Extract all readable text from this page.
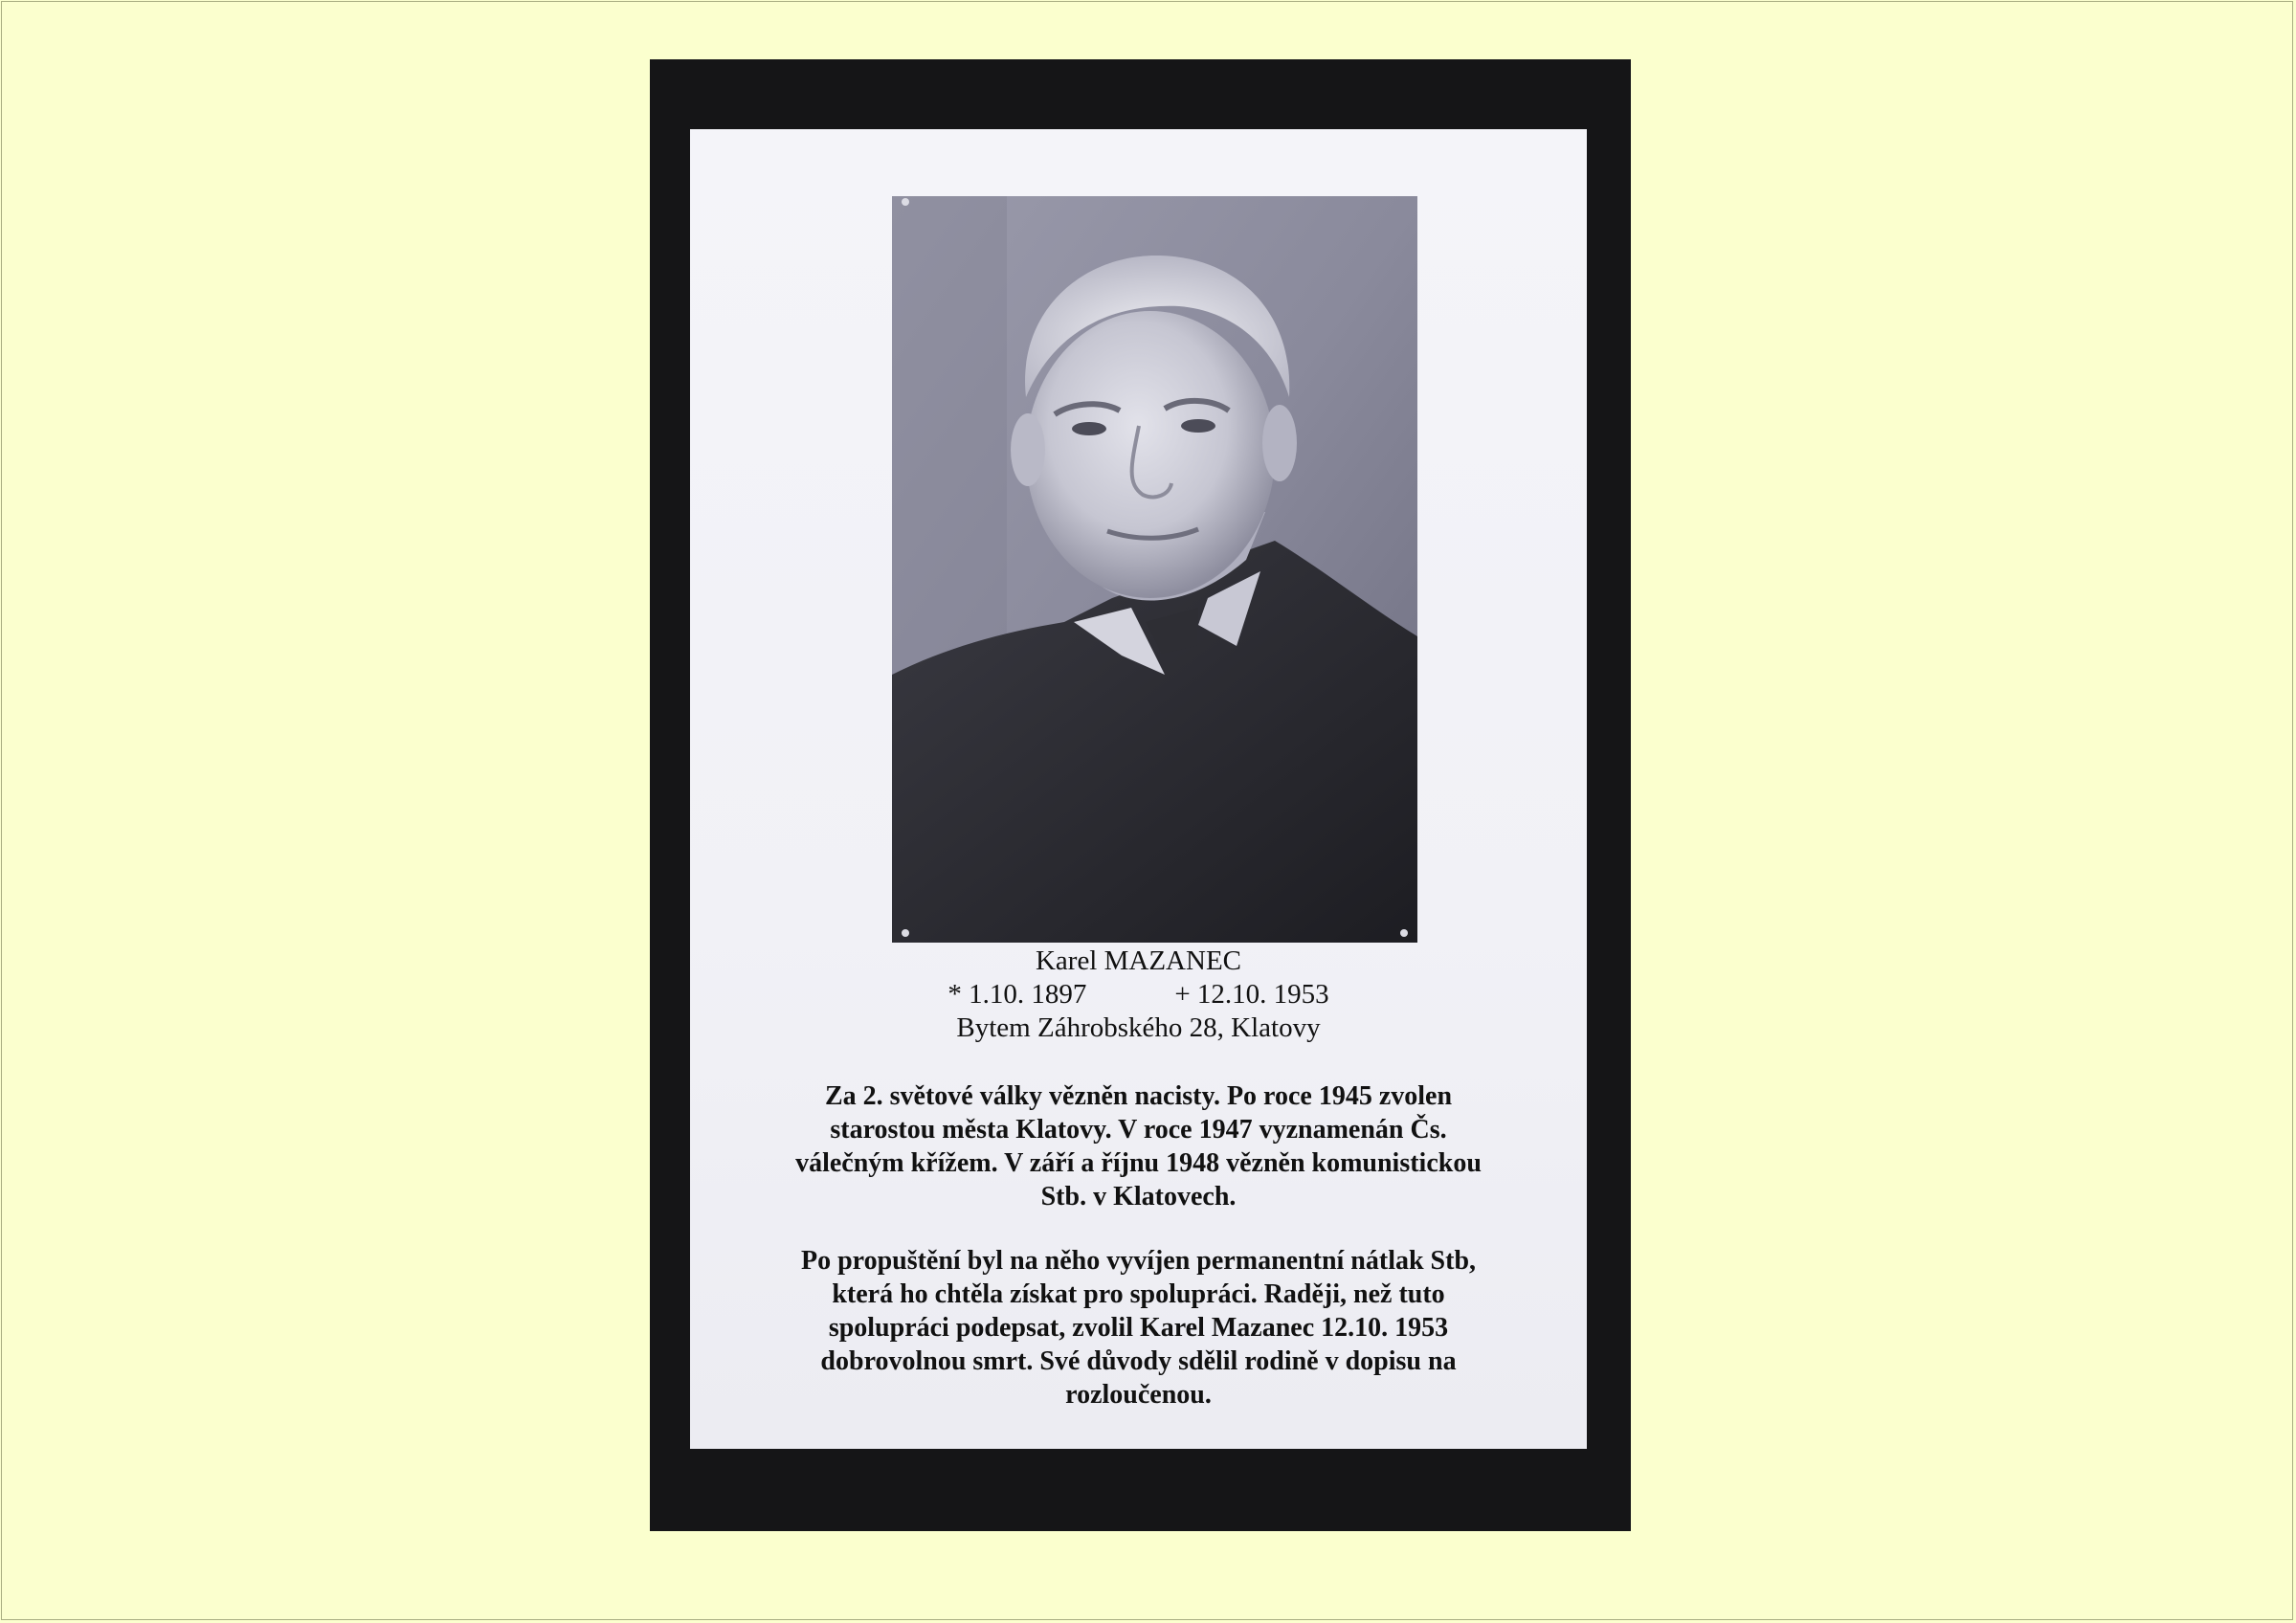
Karel MAZANEC
* 1.10. 1897	+ 12.10. 1953
Bytem Záhrobského 28, Klatovy
Za 2. světové války vězněn nacisty. Po roce 1945 zvolen
starostou města Klatovy. V roce 1947 vyznamenán Čs.
válečným křížem. V září a říjnu 1948 vězněn komunistickou
Stb. v Klatovech.
Po propuštění byl na něho vyvíjen permanentní nátlak Stb,
která ho chtěla získat pro spolupráci. Raději, než tuto
spolupráci podepsat, zvolil Karel Mazanec 12.10. 1953
dobrovolnou smrt. Své důvody sdělil rodině v dopisu na
rozloučenou.
